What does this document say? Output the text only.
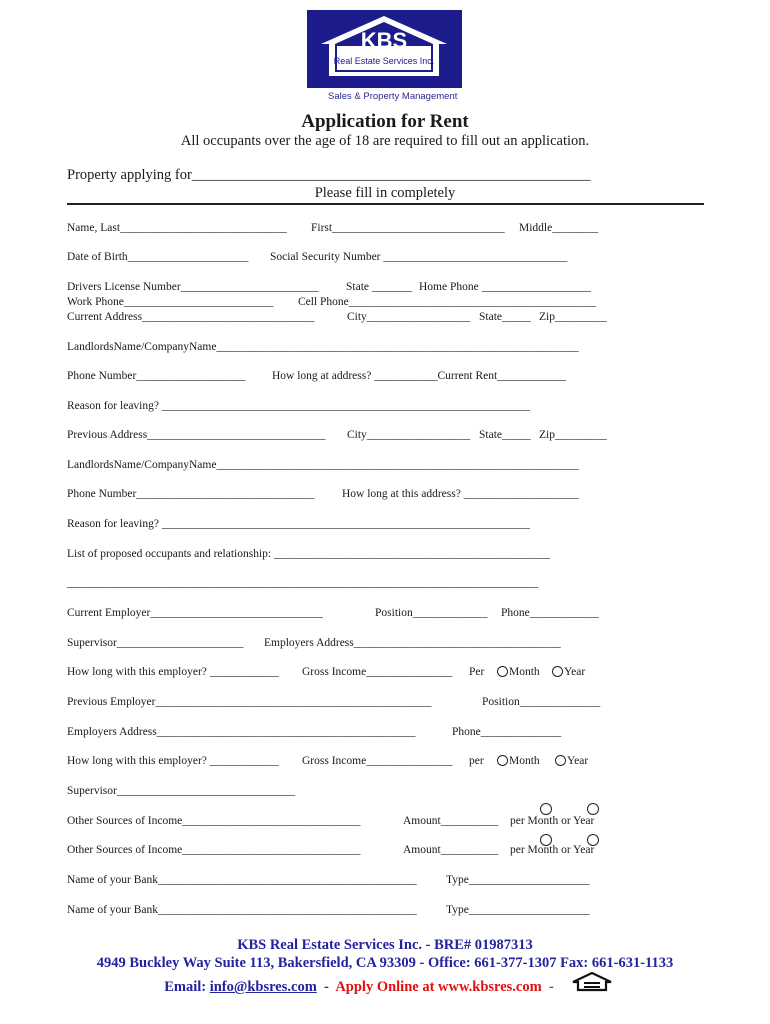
KBS
Real Estate Services Inc.
Sales & Property Management
Application for Rent
All occupants over the age of 18 are required to fill out an application.
Property applying for_______________________________________________________
Please fill in completely
Name, Last_____________________________ First______________________________ Middle________
Date of Birth_____________________ Social Security Number ________________________________
Drivers License Number________________________ State _______ Home Phone ___________________
Work Phone__________________________ Cell Phone___________________________________________
Current Address______________________________	City__________________ State_____ Zip_________
LandlordsName/CompanyName_______________________________________________________________
Phone Number___________________ How long at address? ___________Current Rent____________
Reason for leaving? ________________________________________________________________
Previous Address_______________________________ City__________________ State_____ Zip_________
LandlordsName/CompanyName_______________________________________________________________
Phone Number_______________________________ How long at this address? ____________________
Reason for leaving? ________________________________________________________________
List of proposed occupants and relationship: ________________________________________________
__________________________________________________________________________________
Current Employer______________________________	Position_____________ Phone____________
Supervisor______________________ Employers Address____________________________________
How long with this employer? ____________ Gross Income_______________ Per	Month	Year
Previous Employer________________________________________________	Position______________
Employers Address_____________________________________________	Phone______________
How long with this employer? ____________ Gross Income_______________ per	Month	Year
Supervisor_______________________________
Other Sources of Income_______________________________	Amount__________ per Month or Year
Other Sources of Income_______________________________	Amount__________ per Month or Year
Name of your Bank_____________________________________________	Type_____________________
Name of your Bank_____________________________________________	Type_____________________
KBS Real Estate Services Inc. - BRE# 01987313
4949 Buckley Way Suite 113, Bakersfield, CA 93309 - Office: 661-377-1307 Fax: 661-631-1133
Email: info@kbsres.com  -  Apply Online at www.kbsres.com  -
